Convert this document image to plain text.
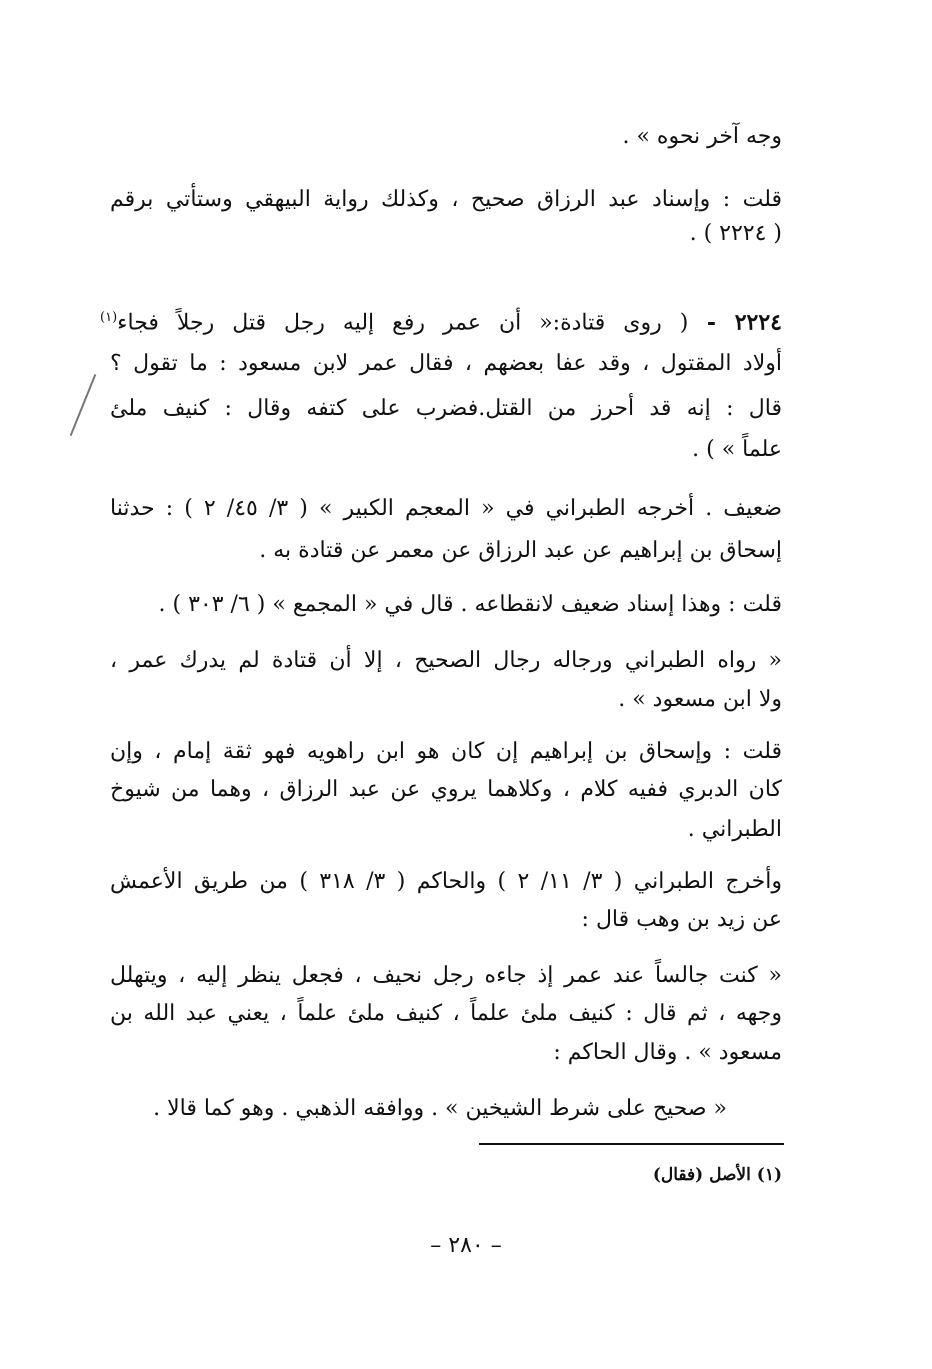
وجه آخر نحوه » .
قلت : وإسناد عبد الرزاق صحيح ، وكذلك رواية البيهقي وستأتي برقم
( ٢٢٢٤ ) .
٢٢٢٤ - ( روى قتادة:« أن عمر رفع إليه رجل قتل رجلاً فجاء$^{(١)}$
أولاد المقتول ، وقد عفا بعضهم ، فقال عمر لابن مسعود : ما تقول ؟
قال : إنه قد أحرز من القتل.فضرب على كتفه وقال : كنيف ملئ
علماً » ) .
ضعيف . أخرجه الطبراني في « المعجم الكبير » ( ٣/ ٤٥/ ٢ ) : حدثنا
إسحاق بن إبراهيم عن عبد الرزاق عن معمر عن قتادة به .
قلت : وهذا إسناد ضعيف لانقطاعه . قال في « المجمع » ( ٦/ ٣٠٣ ) .
« رواه الطبراني ورجاله رجال الصحيح ، إلا أن قتادة لم يدرك عمر ،
ولا ابن مسعود » .
قلت : وإسحاق بن إبراهيم إن كان هو ابن راهويه فهو ثقة إمام ، وإن
كان الدبري ففيه كلام ، وكلاهما يروي عن عبد الرزاق ، وهما من شيوخ
الطبراني .
وأخرج الطبراني ( ٣/ ١١/ ٢ ) والحاكم ( ٣/ ٣١٨ ) من طريق الأعمش
عن زيد بن وهب قال :
« كنت جالساً عند عمر إذ جاءه رجل نحيف ، فجعل ينظر إليه ، ويتهلل
وجهه ، ثم قال : كنيف ملئ علماً ، كنيف ملئ علماً ، يعني عبد الله بن
مسعود » . وقال الحاكم :
« صحيح على شرط الشيخين » . ووافقه الذهبي . وهو كما قالا .
(١) الأصل (فقال)
– ٢٨٠ –
